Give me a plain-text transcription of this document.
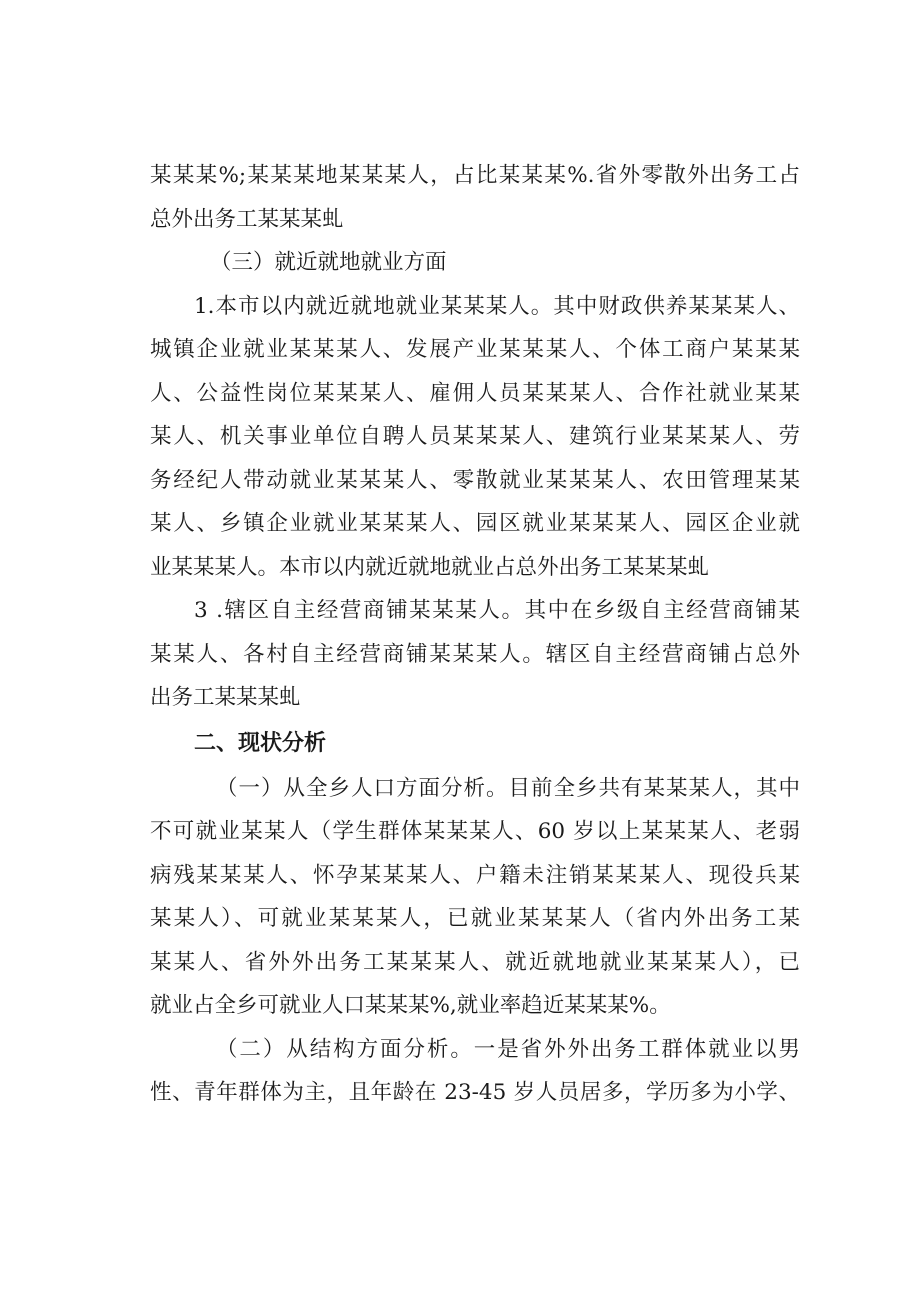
某某某%;某某某地某某某人，占比某某某%.省外零散外出务工占
总外出务工某某某虬
（三）就近就地就业方面
1.本市以内就近就地就业某某某人。其中财政供养某某某人、
城镇企业就业某某某人、发展产业某某某人、个体工商户某某某
人、公益性岗位某某某人、雇佣人员某某某人、合作社就业某某
某人、机关事业单位自聘人员某某某人、建筑行业某某某人、劳
务经纪人带动就业某某某人、零散就业某某某人、农田管理某某
某人、乡镇企业就业某某某人、园区就业某某某人、园区企业就
业某某某人。本市以内就近就地就业占总外出务工某某某虬
3 .辖区自主经营商铺某某某人。其中在乡级自主经营商铺某
某某人、各村自主经营商铺某某某人。辖区自主经营商铺占总外
出务工某某某虬
二、现状分析
（一）从全乡人口方面分析。目前全乡共有某某某人，其中
不可就业某某人（学生群体某某某人、60 岁以上某某某人、老弱
病残某某某人、怀孕某某某人、户籍未注销某某某人、现役兵某
某某人）、可就业某某某人，已就业某某某人（省内外出务工某
某某人、省外外出务工某某某人、就近就地就业某某某人），已
就业占全乡可就业人口某某某%,就业率趋近某某某%。
（二）从结构方面分析。一是省外外出务工群体就业以男
性、青年群体为主，且年龄在 23-45 岁人员居多，学历多为小学、
